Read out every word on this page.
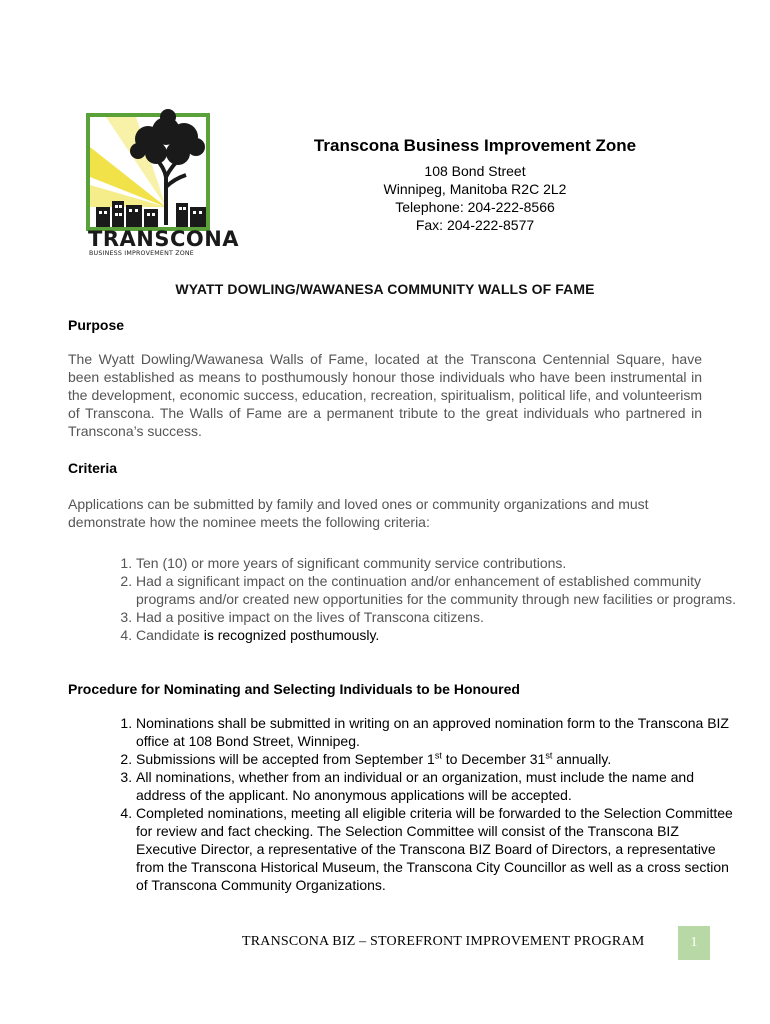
TRANSCONA
BUSINESS IMPROVEMENT ZONE
Transcona Business Improvement Zone
108 Bond Street
Winnipeg, Manitoba R2C 2L2
Telephone: 204-222-8566
Fax: 204-222-8577
WYATT DOWLING/WAWANESA COMMUNITY WALLS OF FAME
Purpose

The Wyatt Dowling/Wawanesa Walls of Fame, located at the Transcona Centennial Square, have been established as means to posthumously honour those individuals who have been instrumental in the development, economic success, education, recreation, spiritualism, political life, and volunteerism of Transcona. The Walls of Fame are a permanent tribute to the great individuals who partnered in Transcona’s success.

Criteria

Applications can be submitted by family and loved ones or community organizations and must demonstrate how the nominee meets the following criteria:

1. Ten (10) or more years of significant community service contributions.
2. Had a significant impact on the continuation and/or enhancement of established community programs and/or created new opportunities for the community through new facilities or programs.
3. Had a positive impact on the lives of Transcona citizens.
4. Candidate is recognized posthumously.
Procedure for Nominating and Selecting Individuals to be Honoured
1. Nominations shall be submitted in writing on an approved nomination form to the Transcona BIZ office at 108 Bond Street, Winnipeg.
2. Submissions will be accepted from September 1st to December 31st annually.
3. All nominations, whether from an individual or an organization, must include the name and address of the applicant. No anonymous applications will be accepted.
4. Completed nominations, meeting all eligible criteria will be forwarded to the Selection Committee for review and fact checking. The Selection Committee will consist of the Transcona BIZ Executive Director, a representative of the Transcona BIZ Board of Directors, a representative from the Transcona Historical Museum, the Transcona City Councillor as well as a cross section of Transcona Community Organizations.
TRANSCONA BIZ – STOREFRONT IMPROVEMENT PROGRAM	1
